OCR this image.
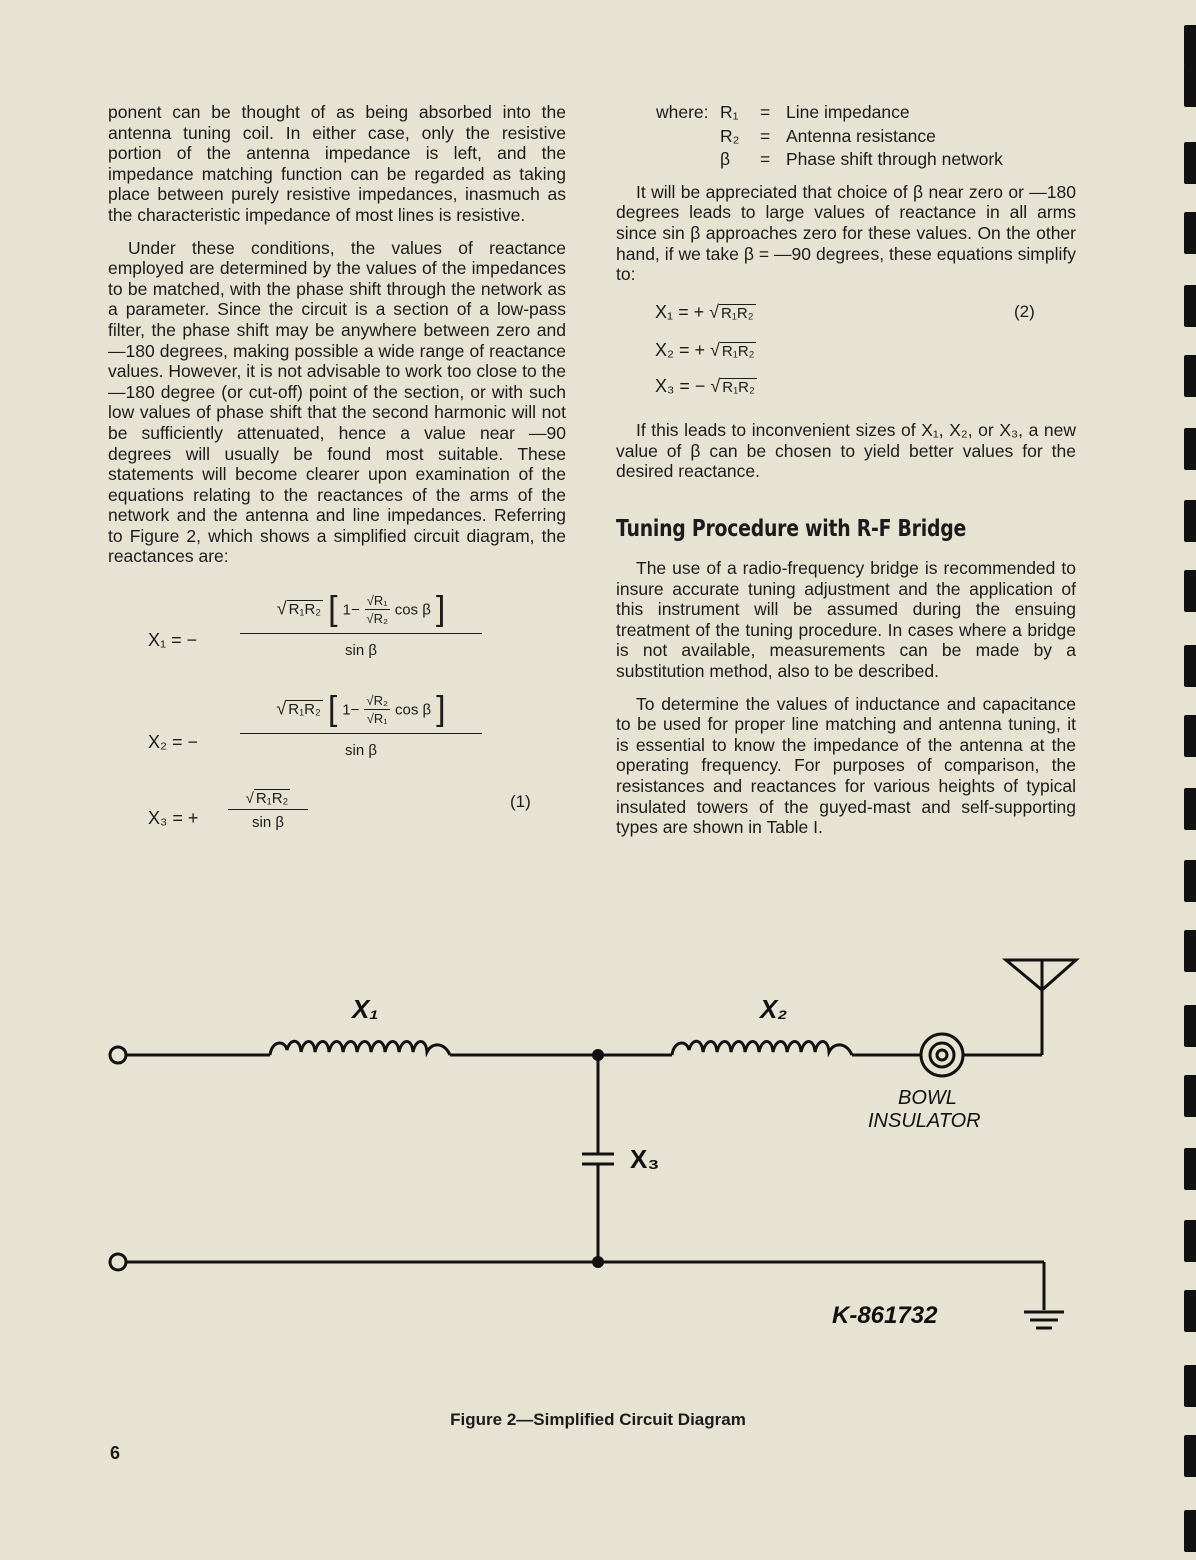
ponent can be thought of as being absorbed into the antenna tuning coil. In either case, only the resistive portion of the antenna impedance is left, and the impedance matching function can be regarded as taking place between purely resistive impedances, inasmuch as the characteristic impedance of most lines is resistive.

Under these conditions, the values of reactance employed are determined by the values of the impedances to be matched, with the phase shift through the network as a parameter. Since the circuit is a section of a low-pass filter, the phase shift may be anywhere between zero and —180 degrees, making possible a wide range of reactance values. However, it is not advisable to work too close to the —180 degree (or cut-off) point of the section, or with such low values of phase shift that the second harmonic will not be sufficiently attenuated, hence a value near —90 degrees will usually be found most suitable. These statements will become clearer upon examination of the equations relating to the reactances of the arms of the network and the antenna and line impedances. Referring to Figure 2, which shows a simplified circuit diagram, the reactances are:

X₁ = −
√ R₁R₂ [ $1- \frac{\text{√R₁}}{\text{√R₂}}$ cos β ]
sin β
X₂ = −
√ R₁R₂ [ $1- \frac{\text{√R₂}}{\text{√R₁}}$ cos β ]
sin β
X₃ = + $\frac{\text{√ R₁R₂}}{\text{sin β}}$	(1)
where: R₁	= Line impedance
R₂	= Antenna resistance
β	= Phase shift through network

It will be appreciated that choice of β near zero or —180 degrees leads to large values of reactance in all arms since sin β approaches zero for these values. On the other hand, if we take β = —90 degrees, these equations simplify to:

X₁ = + √ R₁R₂
X₂ = + √ R₁R₂
X₃ = − √ R₁R₂
(2)

If this leads to inconvenient sizes of X₁, X₂, or X₃, a new value of β can be chosen to yield better values for the desired reactance.

Tuning Procedure with R-F Bridge

The use of a radio-frequency bridge is recommended to insure accurate tuning adjustment and the application of this instrument will be assumed during the ensuing treatment of the tuning procedure. In cases where a bridge is not available, measurements can be made by a substitution method, also to be described.

To determine the values of inductance and capacitance to be used for proper line matching and antenna tuning, it is essential to know the impedance of the antenna at the operating frequency. For purposes of comparison, the resistances and reactances for various heights of typical insulated towers of the guyed-mast and self-supporting types are shown in Table I.

X₁	X₂
X₃
BOWL
INSULATOR
K-861732
Figure 2—Simplified Circuit Diagram
6
